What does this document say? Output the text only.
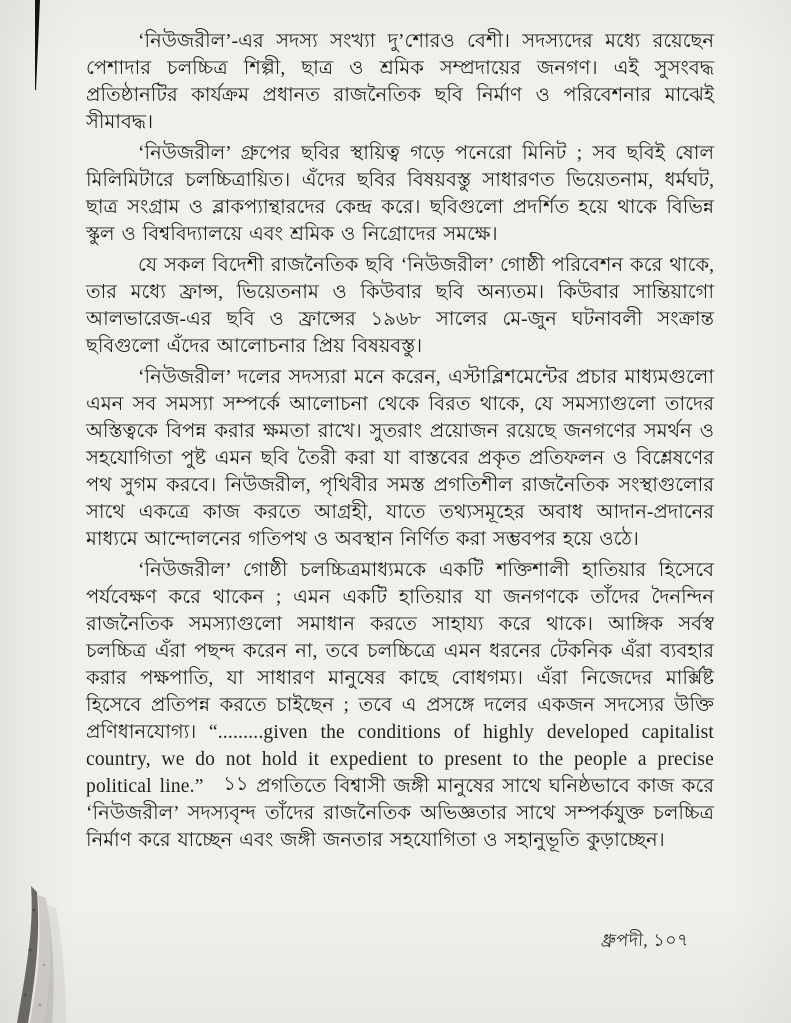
‘নিউজরীল’-এর সদস্য সংখ্যা দু’শোরও বেশী। সদস্যদের মধ্যে রয়েছেন পেশাদার চলচ্চিত্র শিল্পী, ছাত্র ও শ্রমিক সম্প্রদায়ের জনগণ। এই সুসংবদ্ধ প্রতিষ্ঠানটির কার্যক্রম প্রধানত রাজনৈতিক ছবি নির্মাণ ও পরিবেশনার মাঝেই সীমাবদ্ধ।

‘নিউজরীল’ গ্রুপের ছবির স্থায়িত্ব গড়ে পনেরো মিনিট ; সব ছবিই ষোল মিলিমিটারে চলচ্চিত্রায়িত। এঁদের ছবির বিষয়বস্তু সাধারণত ভিয়েতনাম, ধর্মঘট, ছাত্র সংগ্রাম ও ব্লাকপ্যান্থারদের কেন্দ্র করে। ছবিগুলো প্রদর্শিত হয়ে থাকে বিভিন্ন স্কুল ও বিশ্ববিদ্যালয়ে এবং শ্রমিক ও নিগ্রোদের সমক্ষে।

যে সকল বিদেশী রাজনৈতিক ছবি ‘নিউজরীল’ গোষ্ঠী পরিবেশন করে থাকে, তার মধ্যে ফ্রান্স, ভিয়েতনাম ও কিউবার ছবি অন্যতম। কিউবার সান্তিয়াগো আলভারেজ-এর ছবি ও ফ্রান্সের ১৯৬৮ সালের মে-জুন ঘটনাবলী সংক্রান্ত ছবিগুলো এঁদের আলোচনার প্রিয় বিষয়বস্তু।

‘নিউজরীল’ দলের সদস্যরা মনে করেন, এস্টাব্লিশমেন্টের প্রচার মাধ্যমগুলো এমন সব সমস্যা সম্পর্কে আলোচনা থেকে বিরত থাকে, যে সমস্যাগুলো তাদের অস্তিত্বকে বিপন্ন করার ক্ষমতা রাখে। সুতরাং প্রয়োজন রয়েছে জনগণের সমর্থন ও সহযোগিতা পুষ্ট এমন ছবি তৈরী করা যা বাস্তবের প্রকৃত প্রতিফলন ও বিশ্লেষণের পথ সুগম করবে। নিউজরীল, পৃথিবীর সমস্ত প্রগতিশীল রাজনৈতিক সংস্থাগুলোর সাথে একত্রে কাজ করতে আগ্রহী, যাতে তথ্যসমূহের অবাধ আদান-প্রদানের মাধ্যমে আন্দোলনের গতিপথ ও অবস্থান নির্ণিত করা সম্ভবপর হয়ে ওঠে।

‘নিউজরীল’ গোষ্ঠী চলচ্চিত্রমাধ্যমকে একটি শক্তিশালী হাতিয়ার হিসেবে পর্যবেক্ষণ করে থাকেন ; এমন একটি হাতিয়ার যা জনগণকে তাঁদের দৈনন্দিন রাজনৈতিক সমস্যাগুলো সমাধান করতে সাহায্য করে থাকে। আঙ্গিক সর্বস্ব চলচ্চিত্র এঁরা পছন্দ করেন না, তবে চলচ্চিত্রে এমন ধরনের টেকনিক এঁরা ব্যবহার করার পক্ষপাতি, যা সাধারণ মানুষের কাছে বোধগম্য। এঁরা নিজেদের মার্ক্সিষ্ট হিসেবে প্রতিপন্ন করতে চাইছেন ; তবে এ প্রসঙ্গে দলের একজন সদস্যের উক্তি প্রণিধানযোগ্য। “.........given the conditions of highly developed capitalist country, we do not hold it expedient to present to the people a precise political line.” ১১ প্রগতিতে বিশ্বাসী জঙ্গী মানুষের সাথে ঘনিষ্ঠভাবে কাজ করে ‘নিউজরীল’ সদস্যবৃন্দ তাঁদের রাজনৈতিক অভিজ্ঞতার সাথে সম্পর্কযুক্ত চলচ্চিত্র নির্মাণ করে যাচ্ছেন এবং জঙ্গী জনতার সহযোগিতা ও সহানুভূতি কুড়াচ্ছেন।

ধ্রুপদী, ১০৭
